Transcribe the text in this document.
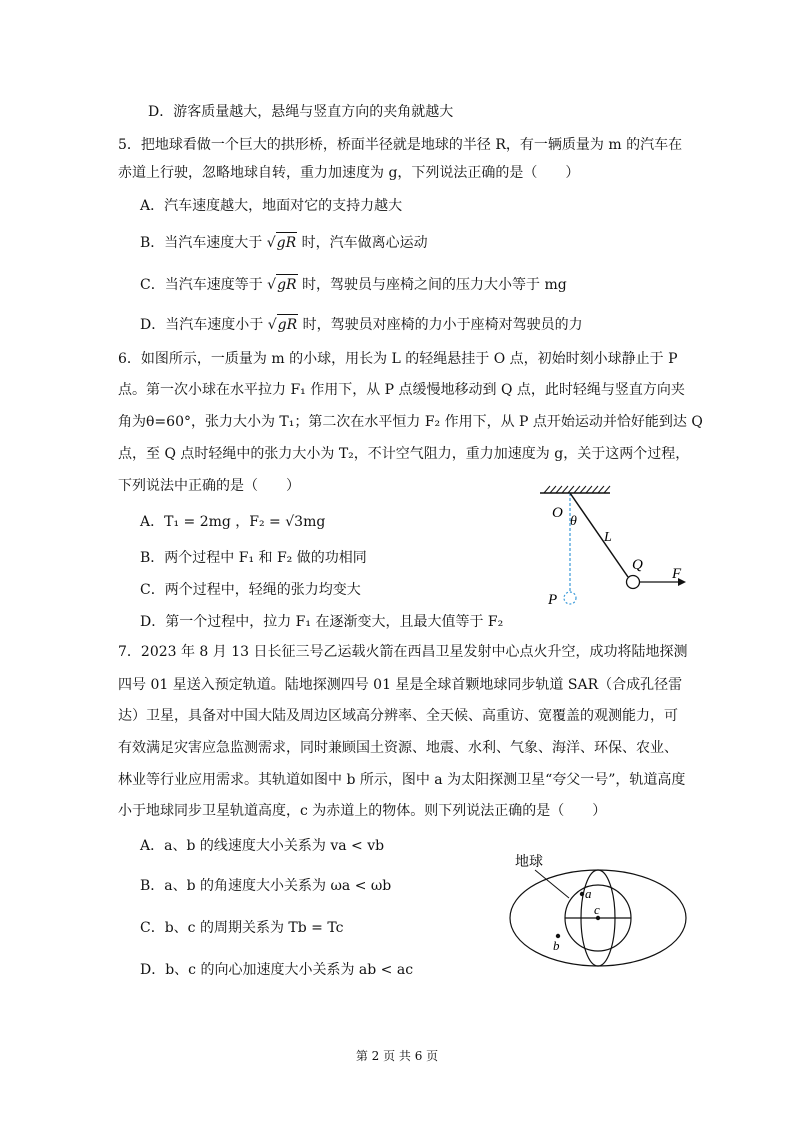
D．游客质量越大，悬绳与竖直方向的夹角就越大
5．把地球看做一个巨大的拱形桥，桥面半径就是地球的半径 R，有一辆质量为 m 的汽车在
赤道上行驶，忽略地球自转，重力加速度为 g，下列说法正确的是（　　）
A．汽车速度越大，地面对它的支持力越大
B．当汽车速度大于 √gR 时，汽车做离心运动
C．当汽车速度等于 √gR 时，驾驶员与座椅之间的压力大小等于 mg
D．当汽车速度小于 √gR 时，驾驶员对座椅的力小于座椅对驾驶员的力
6．如图所示，一质量为 m 的小球，用长为 L 的轻绳悬挂于 O 点，初始时刻小球静止于 P
点。第一次小球在水平拉力 F₁ 作用下，从 P 点缓慢地移动到 Q 点，此时轻绳与竖直方向夹
角为θ=60°，张力大小为 T₁；第二次在水平恒力 F₂ 作用下，从 P 点开始运动并恰好能到达 Q
点，至 Q 点时轻绳中的张力大小为 T₂，不计空气阻力，重力加速度为 g，关于这两个过程，
下列说法中正确的是（　　）
A．T₁ = 2mg ，F₂ = √3mg
B．两个过程中 F₁ 和 F₂ 做的功相同
C．两个过程中，轻绳的张力均变大
D．第一个过程中，拉力 F₁ 在逐渐变大，且最大值等于 F₂
O
θ
L
Q
F
P
7．2023 年 8 月 13 日长征三号乙运载火箭在西昌卫星发射中心点火升空，成功将陆地探测
四号 01 星送入预定轨道。陆地探测四号 01 星是全球首颗地球同步轨道 SAR（合成孔径雷
达）卫星，具备对中国大陆及周边区域高分辨率、全天候、高重访、宽覆盖的观测能力，可
有效满足灾害应急监测需求，同时兼顾国土资源、地震、水利、气象、海洋、环保、农业、
林业等行业应用需求。其轨道如图中 b 所示，图中 a 为太阳探测卫星“夸父一号”，轨道高度
小于地球同步卫星轨道高度，c 为赤道上的物体。则下列说法正确的是（　　）
A．a、b 的线速度大小关系为 va < vb
B．a、b 的角速度大小关系为 ωa < ωb
C．b、c 的周期关系为 Tb = Tc
D．b、c 的向心加速度大小关系为 ab < ac
地球
a
c
b
第 2 页 共 6 页
